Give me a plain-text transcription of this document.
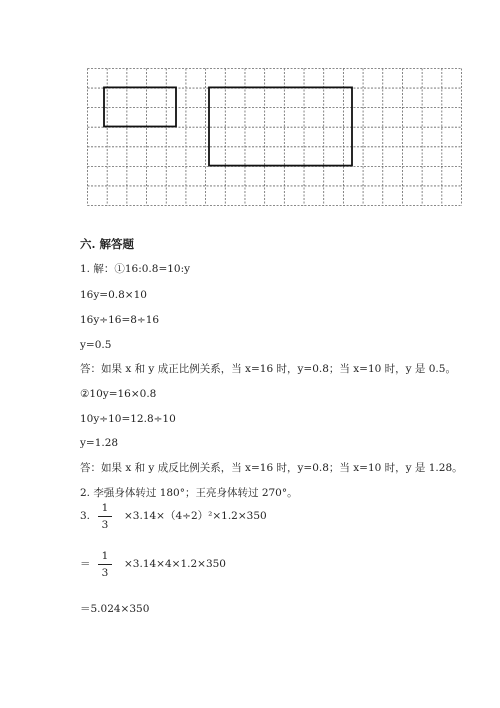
六. 解答题
1. 解：①16:0.8=10:y
16y=0.8×10
16y÷16=8÷16
y=0.5
答：如果 x 和 y 成正比例关系，当 x=16 时，y=0.8；当 x=10 时，y 是 0.5。
②10y=16×0.8
10y÷10=12.8÷10
y=1.28
答：如果 x 和 y 成反比例关系，当 x=16 时，y=0.8；当 x=10 时，y 是 1.28。
2. 李强身体转过 180°；王亮身体转过 270°。
3.
1
3
×3.14×（4÷2）²×1.2×350
＝
1
3
×3.14×4×1.2×350
＝5.024×350
